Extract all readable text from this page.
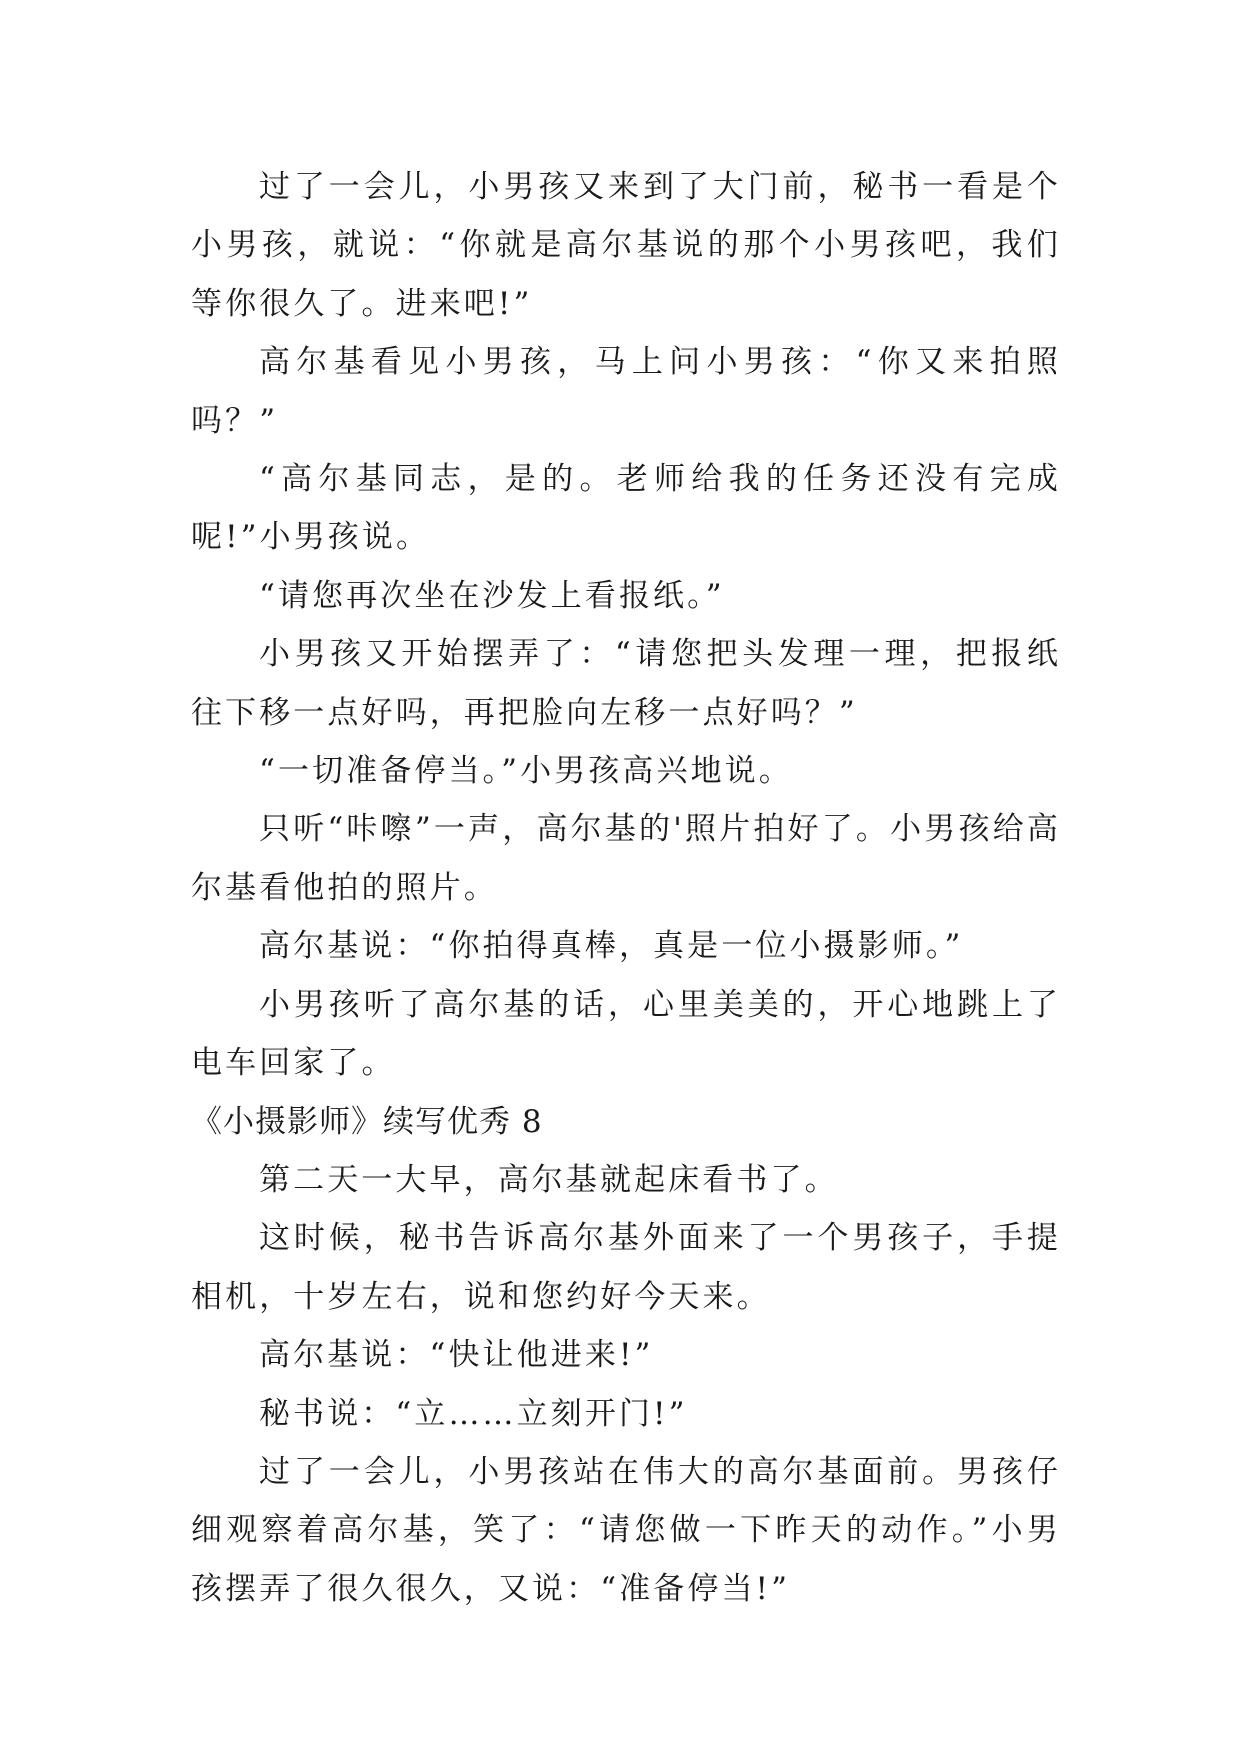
过了一会儿，小男孩又来到了大门前，秘书一看是个小男孩，就说：“你就是高尔基说的那个小男孩吧，我们等你很久了。进来吧!”

高尔基看见小男孩，马上问小男孩：“你又来拍照吗？”

“高尔基同志，是的。老师给我的任务还没有完成呢!”小男孩说。

“请您再次坐在沙发上看报纸。”

小男孩又开始摆弄了：“请您把头发理一理，把报纸往下移一点好吗，再把脸向左移一点好吗？”

“一切准备停当。”小男孩高兴地说。

只听“咔嚓”一声，高尔基的'照片拍好了。小男孩给高尔基看他拍的照片。

高尔基说：“你拍得真棒，真是一位小摄影师。”

小男孩听了高尔基的话，心里美美的，开心地跳上了电车回家了。

《小摄影师》续写优秀 8

第二天一大早，高尔基就起床看书了。

这时候，秘书告诉高尔基外面来了一个男孩子，手提相机，十岁左右，说和您约好今天来。

高尔基说：“快让他进来!”

秘书说：“立……立刻开门!”

过了一会儿，小男孩站在伟大的高尔基面前。男孩仔细观察着高尔基，笑了：“请您做一下昨天的动作。”小男孩摆弄了很久很久，又说：“准备停当!”
